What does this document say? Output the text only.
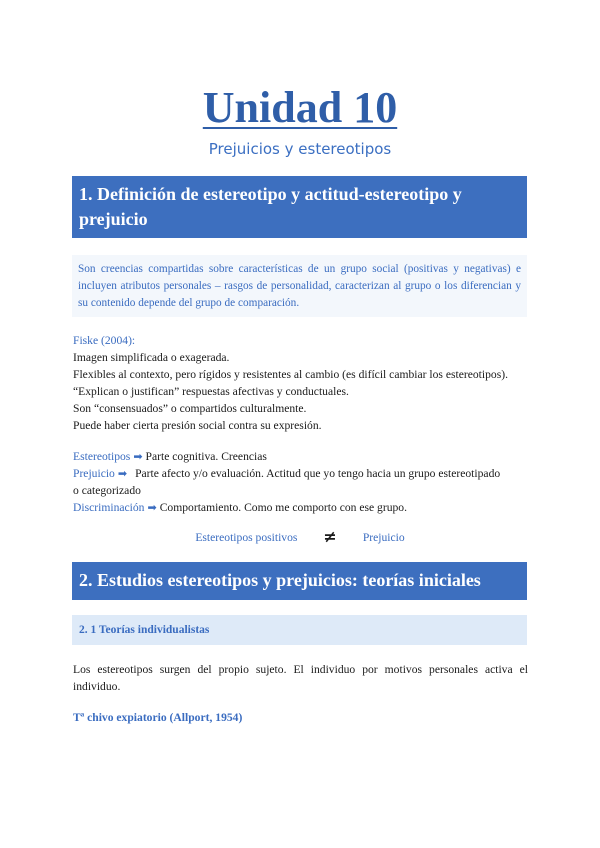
Unidad 10
Prejuicios y estereotipos
1. Definición de estereotipo y actitud-estereotipo y
prejuicio
Son creencias compartidas sobre características de un grupo social (positivas y negativas) e incluyen atributos personales – rasgos de personalidad, caracterizan al grupo o los diferencian y su contenido depende del grupo de comparación.
Fiske (2004):
Imagen simplificada o exagerada.
Flexibles al contexto, pero rígidos y resistentes al cambio (es difícil cambiar los estereotipos).
“Explican o justifican” respuestas afectivas y conductuales.
Son “consensuados” o compartidos culturalmente.
Puede haber cierta presión social contra su expresión.
Estereotipos ➡ Parte cognitiva. Creencias
Prejuicio ➡ Parte afecto y/o evaluación. Actitud que yo tengo hacia un grupo estereotipado
o categorizado
Discriminación ➡ Comportamiento. Como me comporto con ese grupo.
Estereotipos positivos ≠ Prejuicio
2. Estudios estereotipos y prejuicios: teorías iniciales
2. 1 Teorías individualistas
Los estereotipos surgen del propio sujeto. El individuo por motivos personales activa el individuo.
Tª chivo expiatorio (Allport, 1954)
